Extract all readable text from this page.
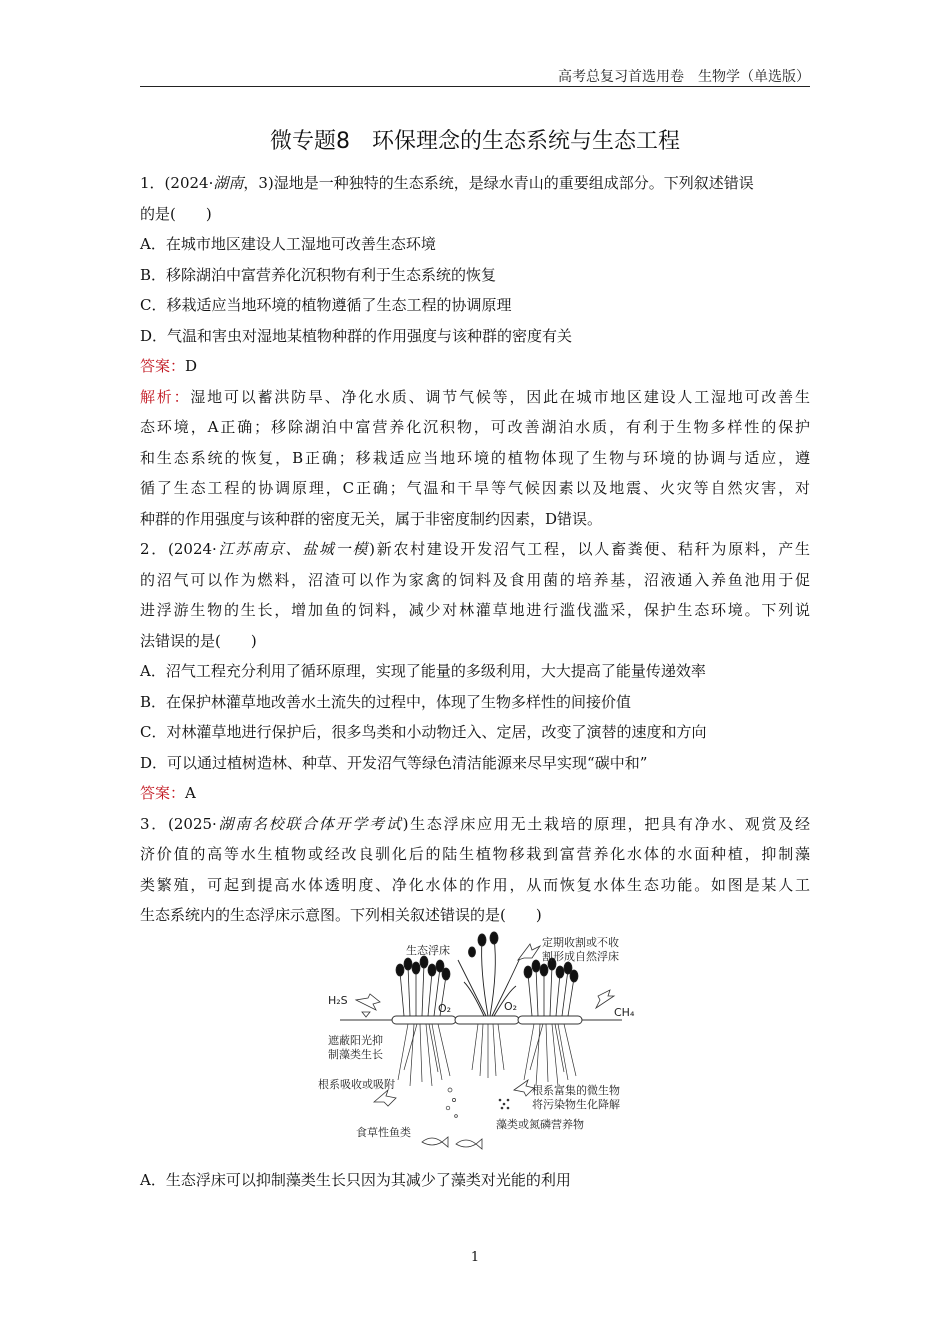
高考总复习首选用卷　生物学（单选版）
微专题8　环保理念的生态系统与生态工程
1．(2024·湖南，3)湿地是一种独特的生态系统，是绿水青山的重要组成部分。下列叙述错误
的是(　　)
A．在城市地区建设人工湿地可改善生态环境
B．移除湖泊中富营养化沉积物有利于生态系统的恢复
C．移栽适应当地环境的植物遵循了生态工程的协调原理
D．气温和害虫对湿地某植物种群的作用强度与该种群的密度有关
答案：D
解析：湿地可以蓄洪防旱、净化水质、调节气候等，因此在城市地区建设人工湿地可改善生
态环境，A正确；移除湖泊中富营养化沉积物，可改善湖泊水质，有利于生物多样性的保护
和生态系统的恢复，B正确；移栽适应当地环境的植物体现了生物与环境的协调与适应，遵
循了生态工程的协调原理，C正确；气温和干旱等气候因素以及地震、火灾等自然灾害，对
种群的作用强度与该种群的密度无关，属于非密度制约因素，D错误。
2．(2024·江苏南京、盐城一模)新农村建设开发沼气工程，以人畜粪便、秸秆为原料，产生
的沼气可以作为燃料，沼渣可以作为家禽的饲料及食用菌的培养基，沼液通入养鱼池用于促
进浮游生物的生长，增加鱼的饲料，减少对林灌草地进行滥伐滥采，保护生态环境。下列说
法错误的是(　　)
A．沼气工程充分利用了循环原理，实现了能量的多级利用，大大提高了能量传递效率
B．在保护林灌草地改善水土流失的过程中，体现了生物多样性的间接价值
C．对林灌草地进行保护后，很多鸟类和小动物迁入、定居，改变了演替的速度和方向
D．可以通过植树造林、种草、开发沼气等绿色清洁能源来尽早实现“碳中和”
答案：A
3．(2025·湖南名校联合体开学考试)生态浮床应用无土栽培的原理，把具有净水、观赏及经
济价值的高等水生植物或经改良驯化后的陆生植物移栽到富营养化水体的水面种植，抑制藻
类繁殖，可起到提高水体透明度、净化水体的作用，从而恢复水体生态功能。如图是某人工
生态系统内的生态浮床示意图。下列相关叙述错误的是(　　)
生态浮床
定期收割或不收
割形成自然浮床
H₂S
O₂	O₂	CH₄
遮蔽阳光抑
制藻类生长
根系吸收或吸附	根系富集的微生物
将污染物生化降解
藻类或氮磷营养物
食草性鱼类
A．生态浮床可以抑制藻类生长只因为其减少了藻类对光能的利用
1
